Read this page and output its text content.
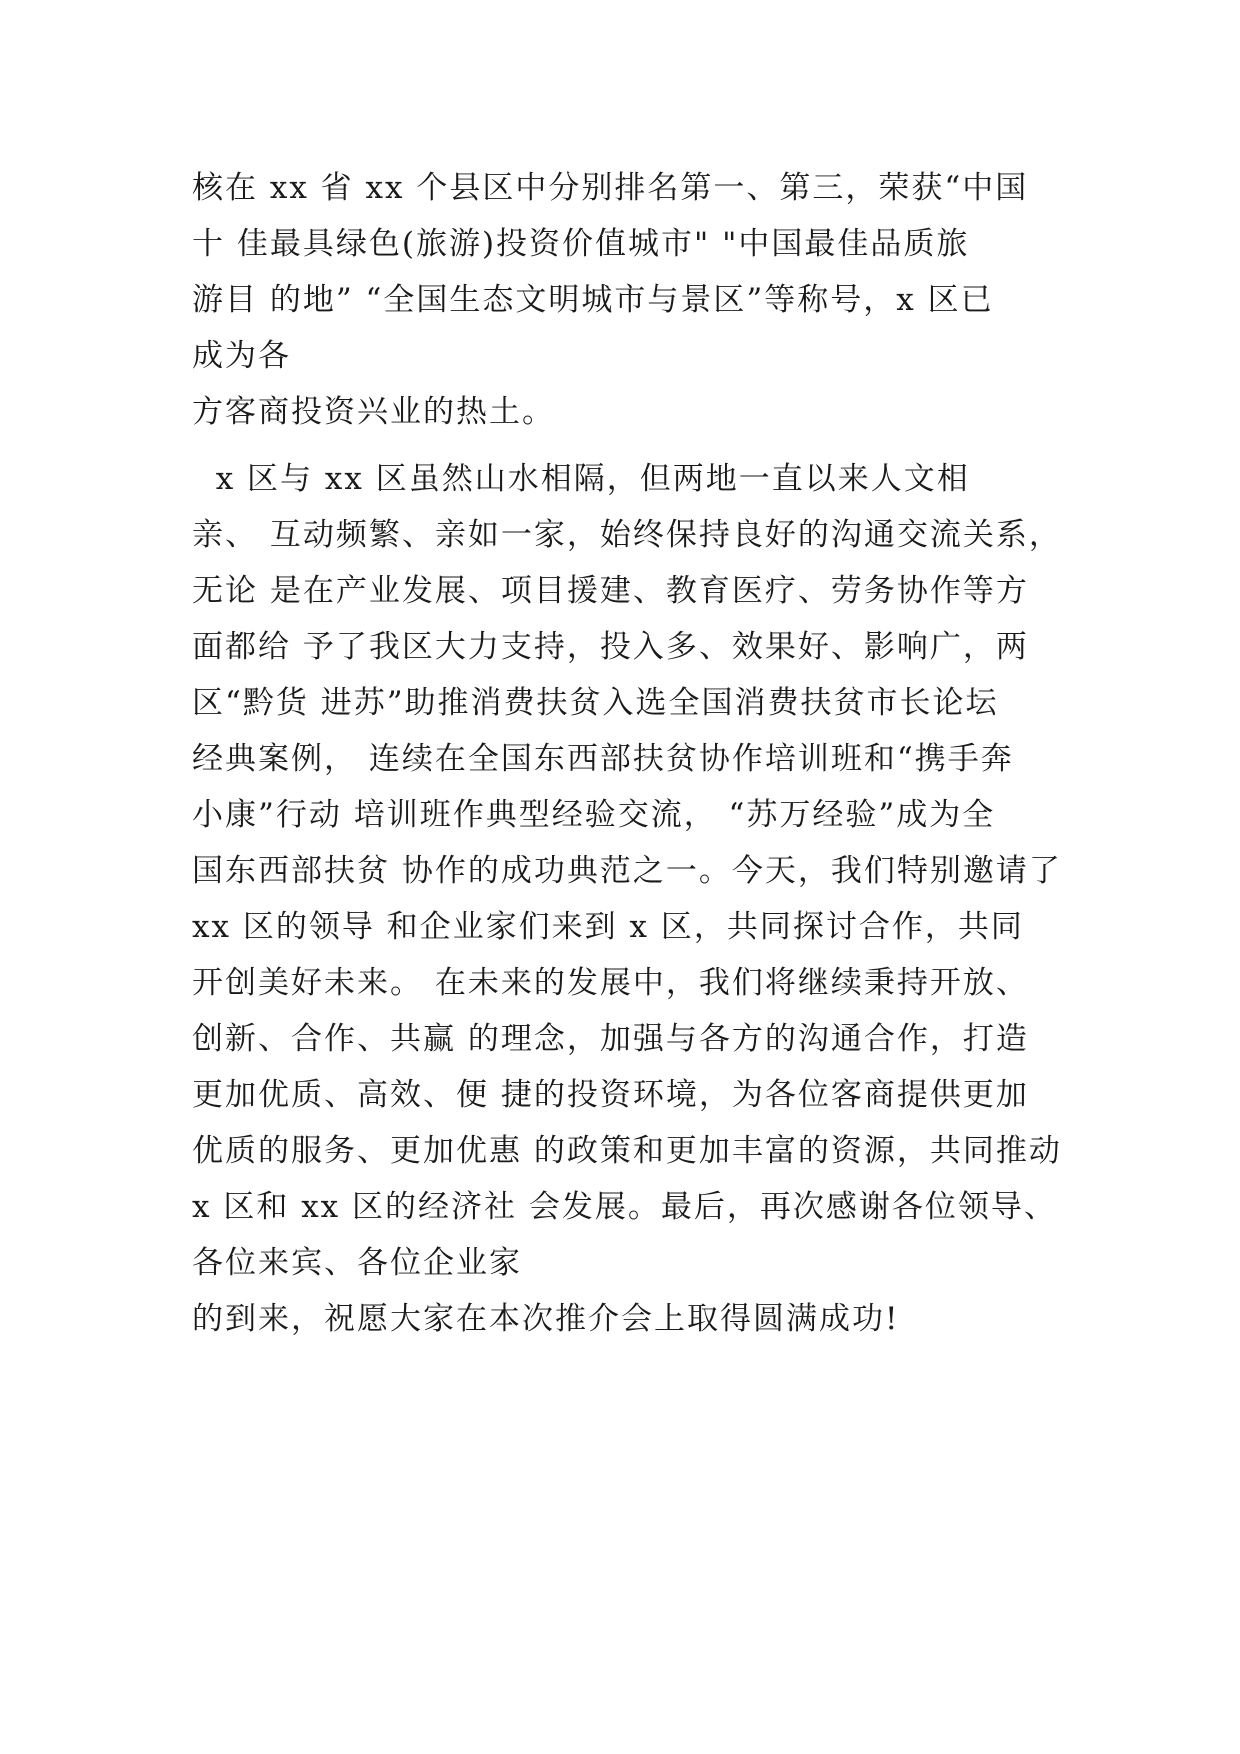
核在 xx 省 xx 个县区中分别排名第一、第三，荣获“中国
十 佳最具绿色(旅游)投资价值城市" "中国最佳品质旅
游目 的地” “全国生态文明城市与景区”等称号，x 区已
成为各
方客商投资兴业的热土。
x 区与 xx 区虽然山水相隔，但两地一直以来人文相
亲、 互动频繁、亲如一家，始终保持良好的沟通交流关系，
无论 是在产业发展、项目援建、教育医疗、劳务协作等方
面都给 予了我区大力支持，投入多、效果好、影响广，两
区“黔货 进苏”助推消费扶贫入选全国消费扶贫市长论坛
经典案例， 连续在全国东西部扶贫协作培训班和“携手奔
小康”行动 培训班作典型经验交流， “苏万经验”成为全
国东西部扶贫 协作的成功典范之一。今天，我们特别邀请了
xx 区的领导 和企业家们来到 x 区，共同探讨合作，共同
开创美好未来。 在未来的发展中，我们将继续秉持开放、
创新、合作、共赢 的理念，加强与各方的沟通合作，打造
更加优质、高效、便 捷的投资环境，为各位客商提供更加
优质的服务、更加优惠 的政策和更加丰富的资源，共同推动
x 区和 xx 区的经济社 会发展。最后，再次感谢各位领导、
各位来宾、各位企业家
的到来，祝愿大家在本次推介会上取得圆满成功!
